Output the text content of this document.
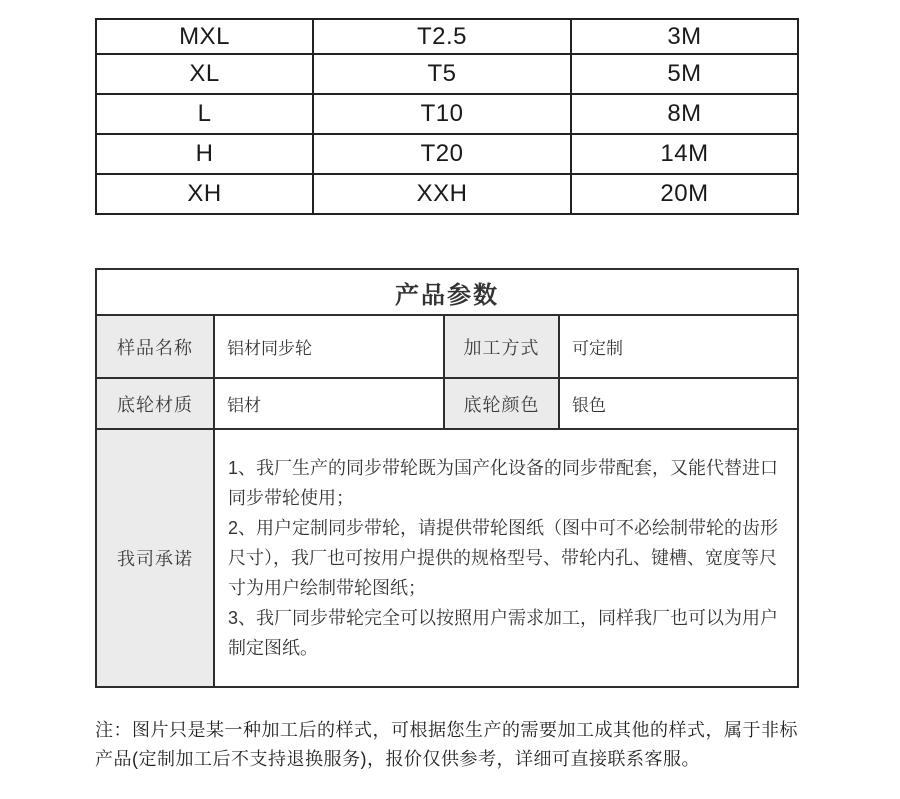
MXL	T2.5	3M
XL	T5	5M
L	T10	8M
H	T20	14M
XH	XXH	20M
产品参数			
样品名称	铝材同步轮	加工方式	可定制
底轮材质	铝材	底轮颜色	银色
我司承诺	1、我厂生产的同步带轮既为国产化设备的同步带配套，又能代替进口同步带轮使用；

2、用户定制同步带轮，请提供带轮图纸（图中可不必绘制带轮的齿形尺寸），我厂也可按用户提供的规格型号、带轮内孔、键槽、宽度等尺寸为用户绘制带轮图纸；

3、我厂同步带轮完全可以按照用户需求加工，同样我厂也可以为用户制定图纸。		

注：图片只是某一种加工后的样式，可根据您生产的需要加工成其他的样式，属于非标产品(定制加工后不支持退换服务)，报价仅供参考，详细可直接联系客服。
